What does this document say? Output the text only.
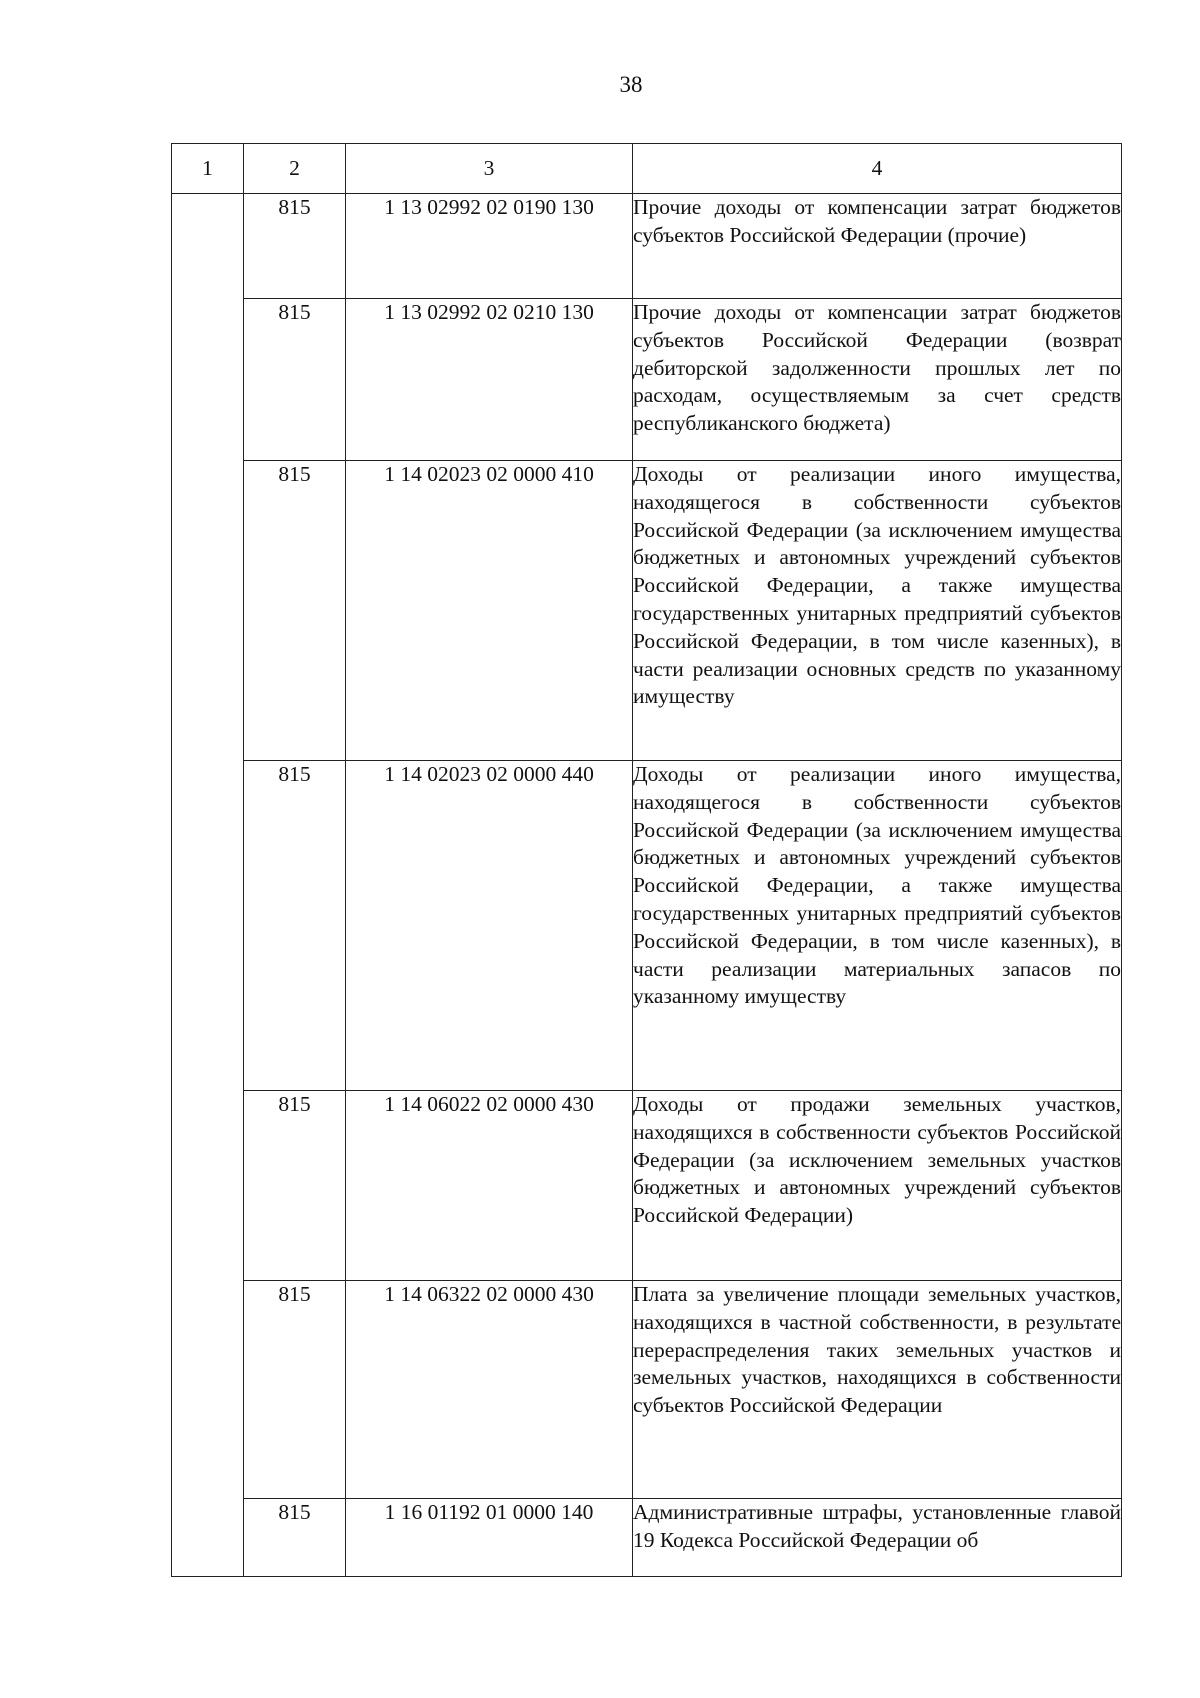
38
1	2	3	4
	815	1 13 02992 02 0190 130	Прочие доходы от компенсации затрат бюджетов субъектов Российской Федерации (прочие)
	815	1 13 02992 02 0210 130	Прочие доходы от компенсации затрат бюджетов субъектов Российской Федерации (возврат дебиторской задолженности прошлых лет по расходам, осуществляемым за счет средств республиканского бюджета)
	815	1 14 02023 02 0000 410	Доходы от реализации иного имущества, находящегося в собственности субъектов Российской Федерации (за исключением имущества бюджетных и автономных учреждений субъектов Российской Федерации, а также имущества государственных унитарных предприятий субъектов Российской Федерации, в том числе казенных), в части реализации основных средств по указанному имуществу
	815	1 14 02023 02 0000 440	Доходы от реализации иного имущества, находящегося в собственности субъектов Российской Федерации (за исключением имущества бюджетных и автономных учреждений субъектов Российской Федерации, а также имущества государственных унитарных предприятий субъектов Российской Федерации, в том числе казенных), в части реализации материальных запасов по указанному имуществу
	815	1 14 06022 02 0000 430	Доходы от продажи земельных участков, находящихся в собственности субъектов Российской Федерации (за исключением земельных участков бюджетных и автономных учреждений субъектов Российской Федерации)
	815	1 14 06322 02 0000 430	Плата за увеличение площади земельных участков, находящихся в частной собственности, в результате перераспределения таких земельных участков и земельных участков, находящихся в собственности субъектов Российской Федерации
	815	1 16 01192 01 0000 140	Административные штрафы, установленные главой 19 Кодекса Российской Федерации об
